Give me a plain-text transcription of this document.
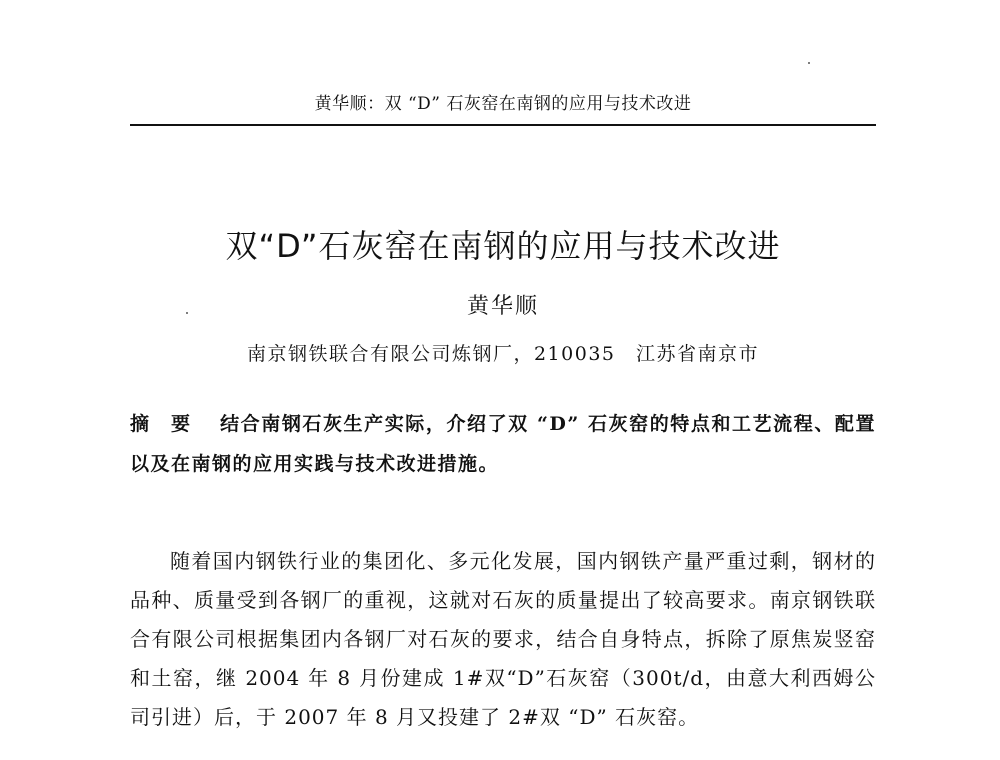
黄华顺：双 “D” 石灰窑在南钢的应用与技术改进
双“D”石灰窑在南钢的应用与技术改进
黄华顺
南京钢铁联合有限公司炼钢厂，210035　江苏省南京市
摘要 结合南钢石灰生产实际，介绍了双 “D” 石灰窑的特点和工艺流程、配置以及在南钢的应用实践与技术改进措施。

随着国内钢铁行业的集团化、多元化发展，国内钢铁产量严重过剩，钢材的品种、质量受到各钢厂的重视，这就对石灰的质量提出了较高要求。南京钢铁联合有限公司根据集团内各钢厂对石灰的要求，结合自身特点，拆除了原焦炭竖窑和土窑，继 2004 年 8 月份建成 1#双“D”石灰窑（300t/d，由意大利西姆公司引进）后，于 2007 年 8 月又投建了 2#双 “D” 石灰窑。
